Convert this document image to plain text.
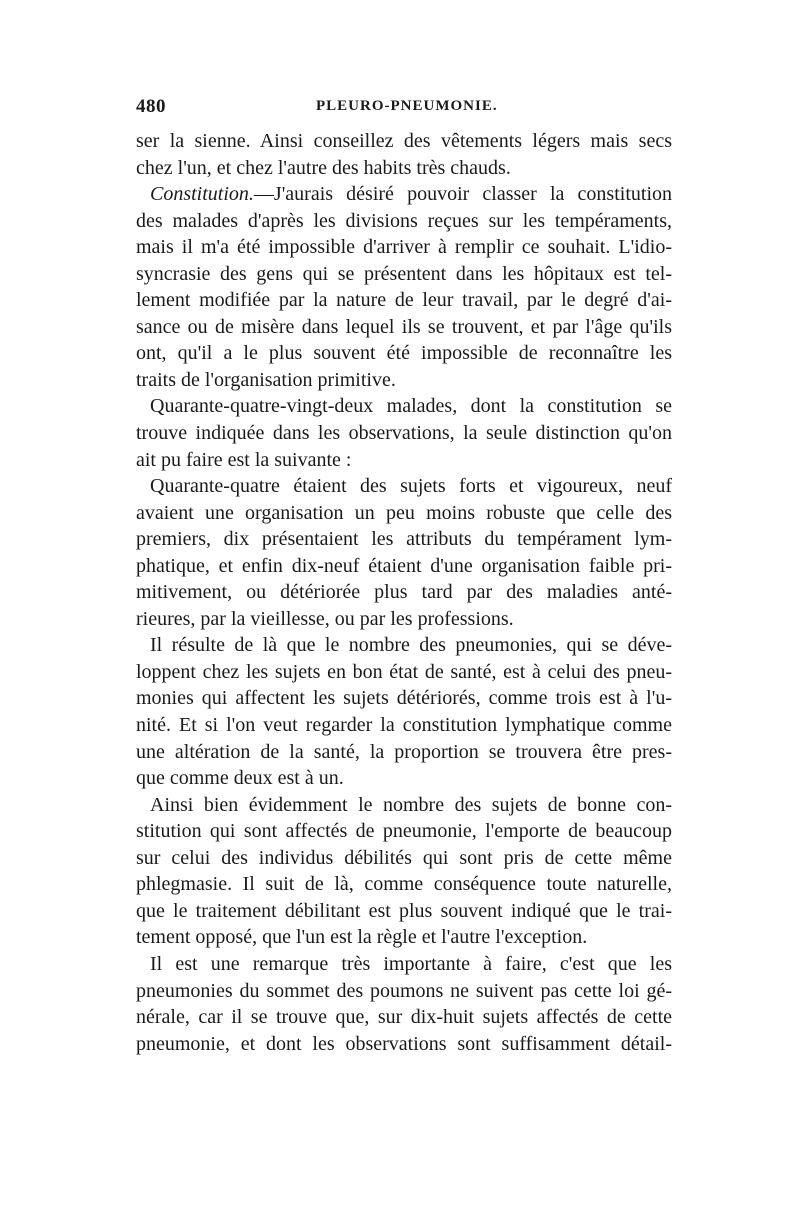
480	PLEURO-PNEUMONIE.
ser la sienne. Ainsi conseillez des vêtements légers mais secs
chez l'un, et chez l'autre des habits très chauds.
Constitution.—J'aurais désiré pouvoir classer la constitution
des malades d'après les divisions reçues sur les tempéraments,
mais il m'a été impossible d'arriver à remplir ce souhait. L'idio-
syncrasie des gens qui se présentent dans les hôpitaux est tel-
lement modifiée par la nature de leur travail, par le degré d'ai-
sance ou de misère dans lequel ils se trouvent, et par l'âge qu'ils
ont, qu'il a le plus souvent été impossible de reconnaître les
traits de l'organisation primitive.
Quarante-quatre-vingt-deux malades, dont la constitution se
trouve indiquée dans les observations, la seule distinction qu'on
ait pu faire est la suivante :
Quarante-quatre étaient des sujets forts et vigoureux, neuf
avaient une organisation un peu moins robuste que celle des
premiers, dix présentaient les attributs du tempérament lym-
phatique, et enfin dix-neuf étaient d'une organisation faible pri-
mitivement, ou détériorée plus tard par des maladies anté-
rieures, par la vieillesse, ou par les professions.
Il résulte de là que le nombre des pneumonies, qui se déve-
loppent chez les sujets en bon état de santé, est à celui des pneu-
monies qui affectent les sujets détériorés, comme trois est à l'u-
nité. Et si l'on veut regarder la constitution lymphatique comme
une altération de la santé, la proportion se trouvera être pres-
que comme deux est à un.
Ainsi bien évidemment le nombre des sujets de bonne con-
stitution qui sont affectés de pneumonie, l'emporte de beaucoup
sur celui des individus débilités qui sont pris de cette même
phlegmasie. Il suit de là, comme conséquence toute naturelle,
que le traitement débilitant est plus souvent indiqué que le trai-
tement opposé, que l'un est la règle et l'autre l'exception.
Il est une remarque très importante à faire, c'est que les
pneumonies du sommet des poumons ne suivent pas cette loi gé-
nérale, car il se trouve que, sur dix-huit sujets affectés de cette
pneumonie, et dont les observations sont suffisamment détail-
